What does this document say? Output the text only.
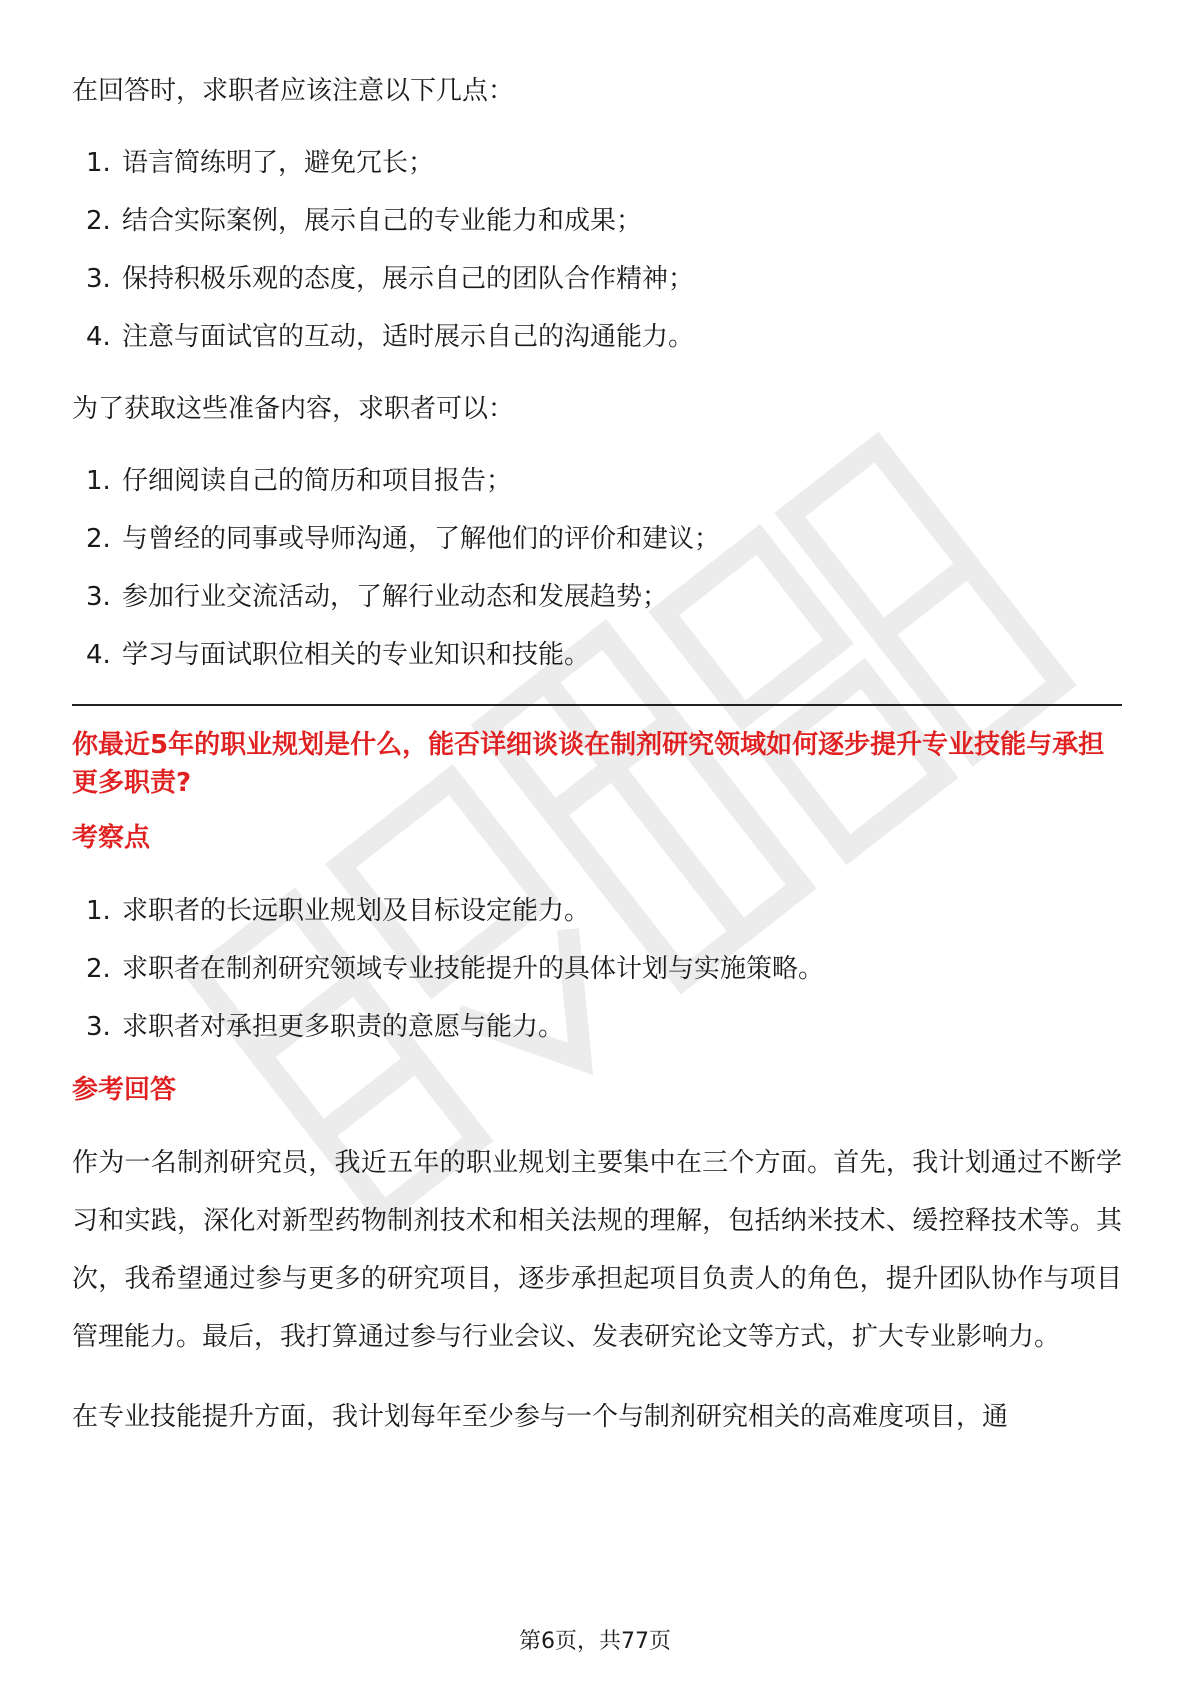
在回答时，求职者应该注意以下几点：

1. 语言简练明了，避免冗长；
2. 结合实际案例，展示自己的专业能力和成果；
3. 保持积极乐观的态度，展示自己的团队合作精神；
4. 注意与面试官的互动，适时展示自己的沟通能力。

为了获取这些准备内容，求职者可以：

1. 仔细阅读自己的简历和项目报告；
2. 与曾经的同事或导师沟通，了解他们的评价和建议；
3. 参加行业交流活动，了解行业动态和发展趋势；
4. 学习与面试职位相关的专业知识和技能。
你最近5年的职业规划是什么，能否详细谈谈在制剂研究领域如何逐步提升专业技能与承担更多职责?
考察点
1. 求职者的长远职业规划及目标设定能力。
2. 求职者在制剂研究领域专业技能提升的具体计划与实施策略。
3. 求职者对承担更多职责的意愿与能力。
参考回答

作为一名制剂研究员，我近五年的职业规划主要集中在三个方面。首先，我计划通过不断学习和实践，深化对新型药物制剂技术和相关法规的理解，包括纳米技术、缓控释技术等。其次，我希望通过参与更多的研究项目，逐步承担起项目负责人的角色，提升团队协作与项目管理能力。最后，我打算通过参与行业会议、发表研究论文等方式，扩大专业影响力。

在专业技能提升方面，我计划每年至少参与一个与制剂研究相关的高难度项目，通

第6页，共77页
